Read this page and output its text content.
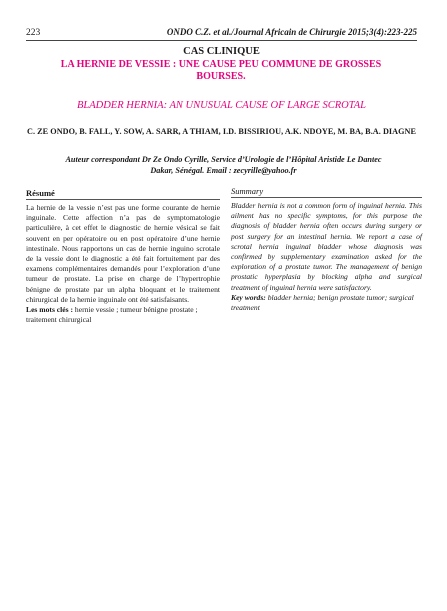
223	ONDO C.Z. et al./Journal Africain de Chirurgie 2015;3(4):223-225
CAS CLINIQUE
LA HERNIE DE VESSIE : UNE CAUSE PEU COMMUNE DE GROSSES BOURSES.
BLADDER HERNIA: AN UNUSUAL CAUSE OF LARGE SCROTAL
C. ZE ONDO, B. FALL, Y. SOW, A. SARR, A THIAM, I.D. BISSIRIOU, A.K. NDOYE, M. BA, B.A. DIAGNE
Auteur correspondant Dr Ze Ondo Cyrille, Service d’Urologie de l’Hôpital Aristide Le Dantec Dakar, Sénégal. Email : zecyrille@yahoo.fr
Résumé

La hernie de la vessie n’est pas une forme courante de hernie inguinale. Cette affection n’a pas de symptomatologie particulière, à cet effet le diagnostic de hernie vésical se fait souvent en per opératoire ou en post opératoire d’une hernie intestinale. Nous rapportons un cas de hernie inguino scrotale de la vessie dont le diagnostic a été fait fortuitement par des examens complémentaires demandés pour l’exploration d’une tumeur de prostate. La prise en charge de l’hypertrophie bénigne de prostate par un alpha bloquant et le traitement chirurgical de la hernie inguinale ont été satisfaisants.

Les mots clés : hernie vessie ; tumeur bénigne prostate ; traitement chirurgical

Summary

Bladder hernia is not a common form of inguinal hernia. This ailment has no specific symptoms, for this purpose the diagnosis of bladder hernia often occurs during surgery or post surgery for an intestinal hernia. We report a case of scrotal hernia inguinal bladder whose diagnosis was confirmed by supplementary examination asked for the exploration of a prostate tumor. The management of benign prostatic hyperplasia by blocking alpha and surgical treatment of inguinal hernia were satisfactory.

Key words: bladder hernia; benign prostate tumor; surgical treatment
